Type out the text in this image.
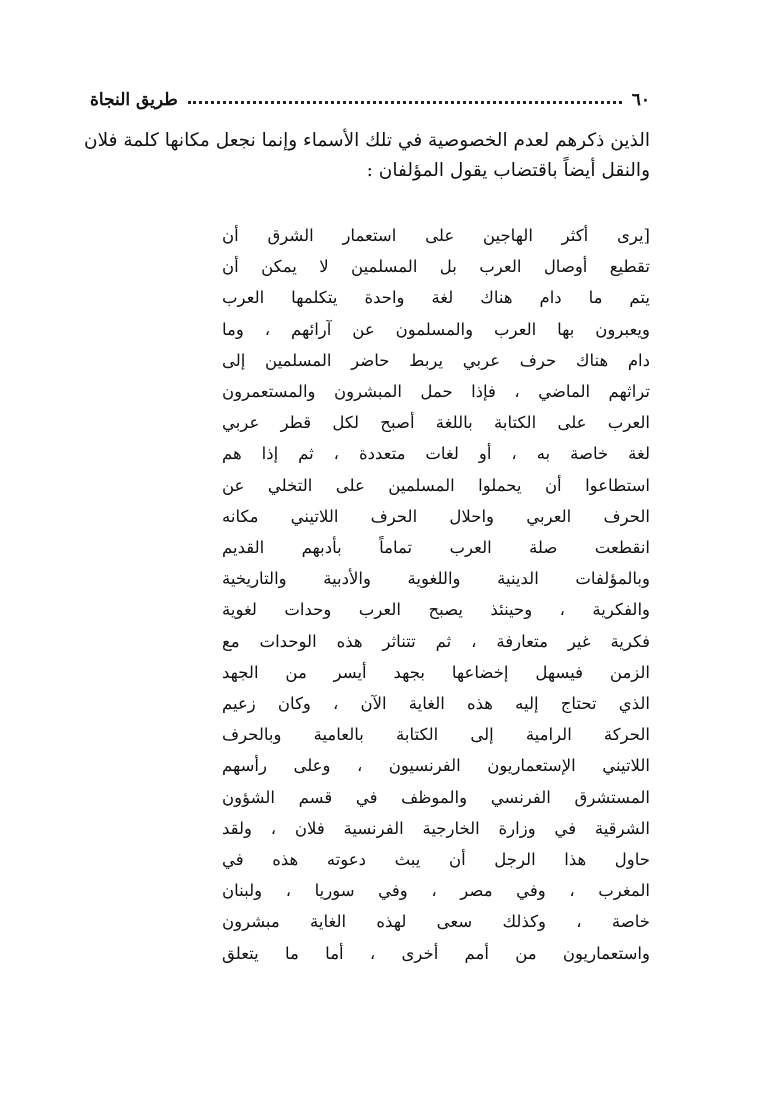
٦٠
طريق النجاة
الذين ذكرهم لعدم الخصوصية في تلك الأسماء وإنما نجعل مكانها كلمة فلان
والنقل أيضاً باقتضاب يقول المؤلفان :
[يرى أكثر الهاجين على استعمار الشرق أن
تقطيع أوصال العرب بل المسلمين لا يمكن أن
يتم ما دام هناك لغة واحدة يتكلمها العرب
ويعبرون بها العرب والمسلمون عن آرائهم ، وما
دام هناك حرف عربي يربط حاضر المسلمين إلى
تراثهم الماضي ، فإذا حمل المبشرون والمستعمرون
العرب على الكتابة باللغة أصبح لكل قطر عربي
لغة خاصة به ، أو لغات متعددة ، ثم إذا هم
استطاعوا أن يحملوا المسلمين على التخلي عن
الحرف العربي واحلال الحرف اللاتيني مكانه
انقطعت صلة العرب تماماً بأدبهم القديم
وبالمؤلفات الدينية واللغوية والأدبية والتاريخية
والفكرية ، وحينئذ يصبح العرب وحدات لغوية
فكرية غير متعارفة ، ثم تتناثر هذه الوحدات مع
الزمن فيسهل إخضاعها بجهد أيسر من الجهد
الذي تحتاج إليه هذه الغاية الآن ، وكان زعيم
الحركة الرامية إلى الكتابة بالعامية وبالحرف
اللاتيني الإستعماريون الفرنسيون ، وعلى رأسهم
المستشرق الفرنسي والموظف في قسم الشؤون
الشرقية في وزارة الخارجية الفرنسية فلان ، ولقد
حاول هذا الرجل أن يبث دعوته هذه في
المغرب ، وفي مصر ، وفي سوريا ، ولبنان
خاصة ، وكذلك سعى لهذه الغاية مبشرون
واستعماريون من أمم أخرى ، أما ما يتعلق
